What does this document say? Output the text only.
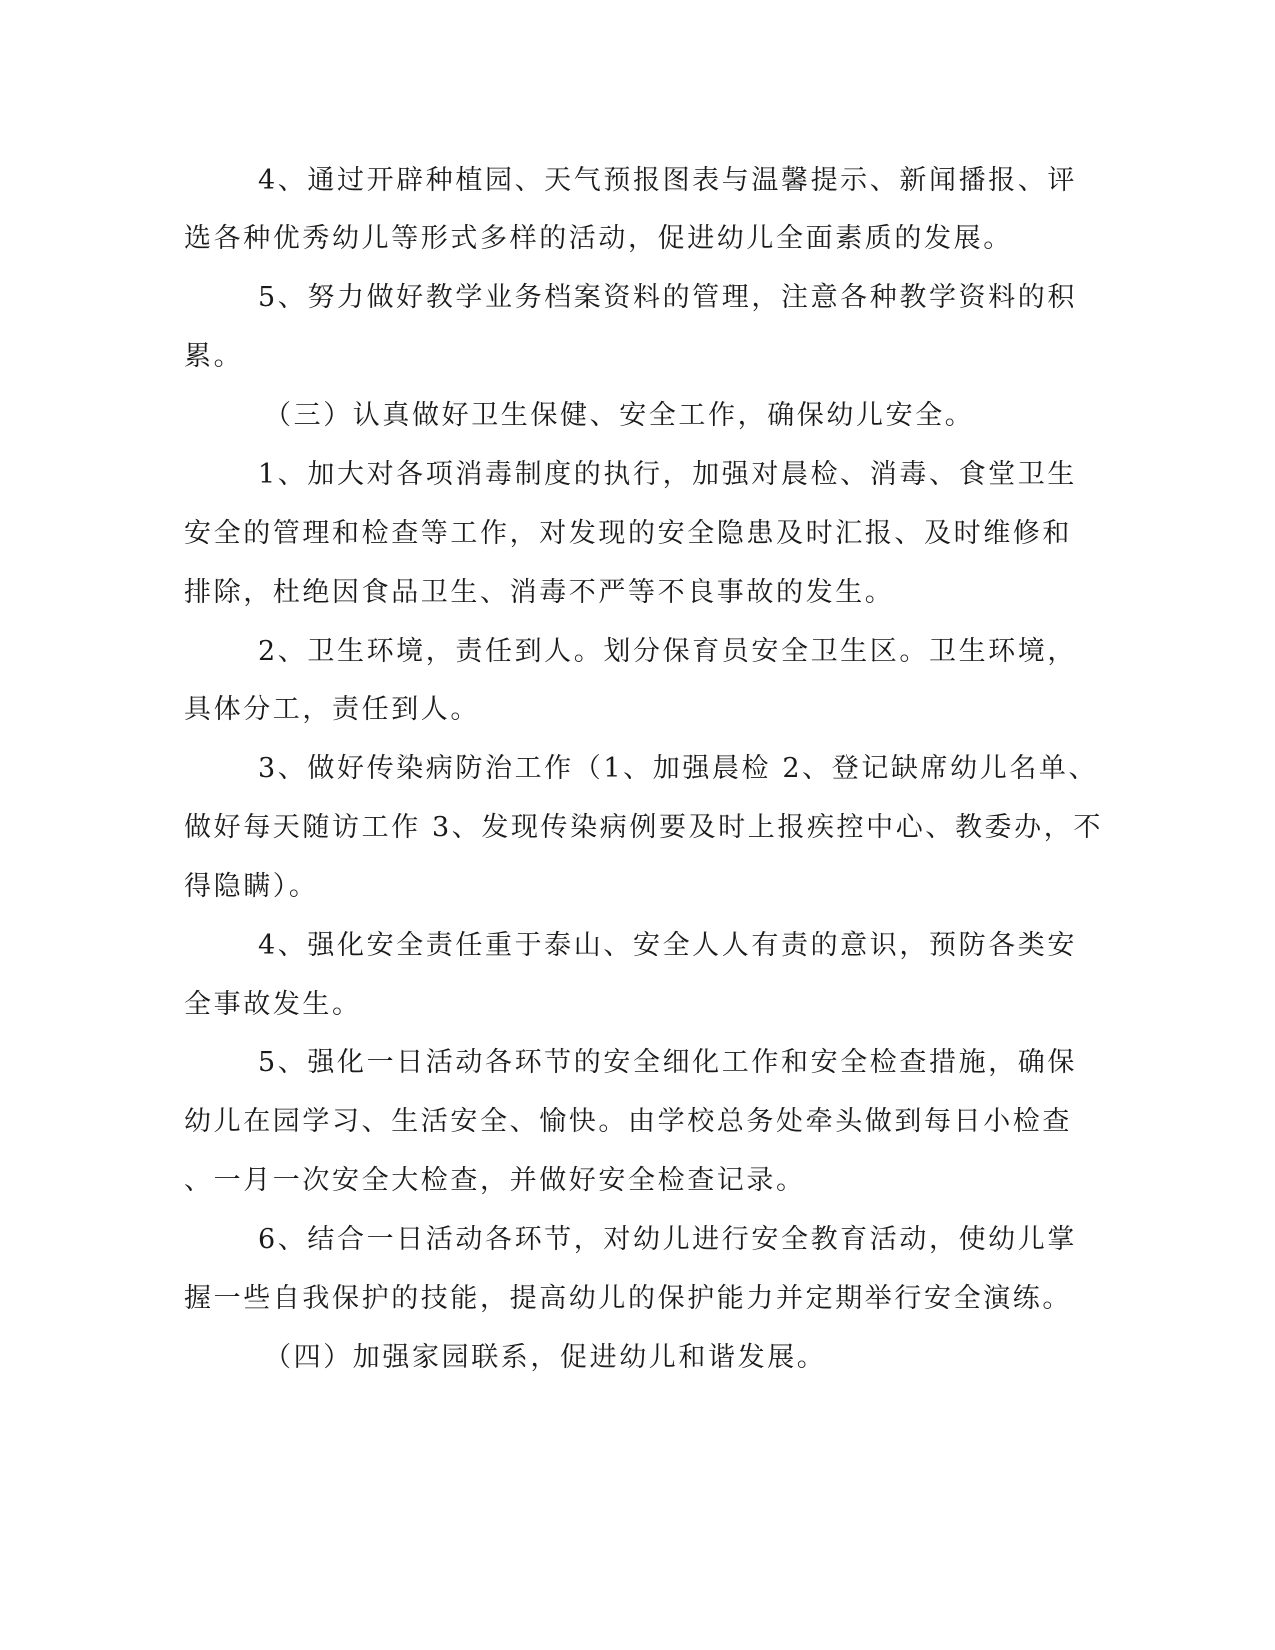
4、通过开辟种植园、天气预报图表与温馨提示、新闻播报、评
选各种优秀幼儿等形式多样的活动，促进幼儿全面素质的发展。
5、努力做好教学业务档案资料的管理，注意各种教学资料的积
累。
（三）认真做好卫生保健、安全工作，确保幼儿安全。
1、加大对各项消毒制度的执行，加强对晨检、消毒、食堂卫生
安全的管理和检查等工作，对发现的安全隐患及时汇报、及时维修和
排除，杜绝因食品卫生、消毒不严等不良事故的发生。
2、卫生环境，责任到人。划分保育员安全卫生区。卫生环境，
具体分工，责任到人。
3、做好传染病防治工作（1、加强晨检 2、登记缺席幼儿名单、
做好每天随访工作 3、发现传染病例要及时上报疾控中心、教委办，不
得隐瞒）。
4、强化安全责任重于泰山、安全人人有责的意识，预防各类安
全事故发生。
5、强化一日活动各环节的安全细化工作和安全检查措施，确保
幼儿在园学习、生活安全、愉快。由学校总务处牵头做到每日小检查
、一月一次安全大检查，并做好安全检查记录。
6、结合一日活动各环节，对幼儿进行安全教育活动，使幼儿掌
握一些自我保护的技能，提高幼儿的保护能力并定期举行安全演练。
（四）加强家园联系，促进幼儿和谐发展。
